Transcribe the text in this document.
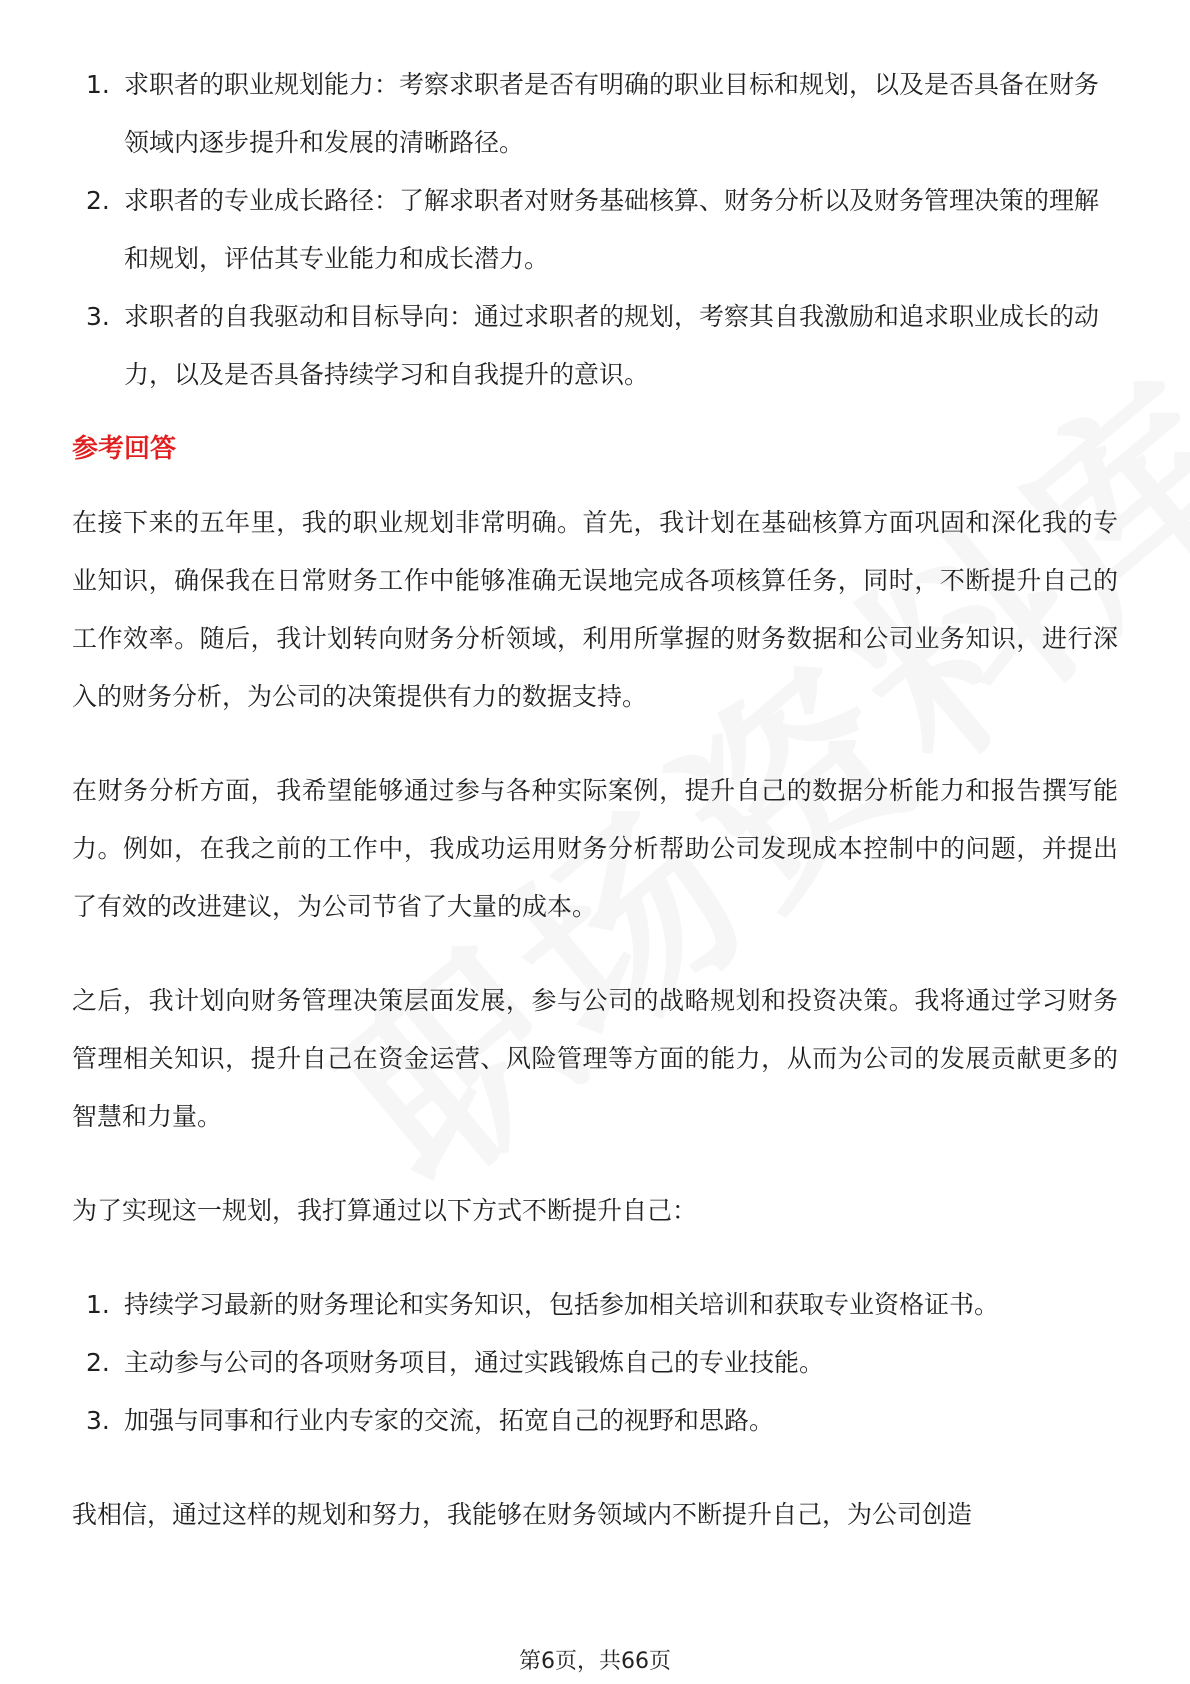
1. 求职者的职业规划能力：考察求职者是否有明确的职业目标和规划，以及是否具备在财务领域内逐步提升和发展的清晰路径。
2. 求职者的专业成长路径：了解求职者对财务基础核算、财务分析以及财务管理决策的理解和规划，评估其专业能力和成长潜力。
3. 求职者的自我驱动和目标导向：通过求职者的规划，考察其自我激励和追求职业成长的动力，以及是否具备持续学习和自我提升的意识。
参考回答

在接下来的五年里，我的职业规划非常明确。首先，我计划在基础核算方面巩固和深化我的专业知识，确保我在日常财务工作中能够准确无误地完成各项核算任务，同时，不断提升自己的工作效率。随后，我计划转向财务分析领域，利用所掌握的财务数据和公司业务知识，进行深入的财务分析，为公司的决策提供有力的数据支持。

在财务分析方面，我希望能够通过参与各种实际案例，提升自己的数据分析能力和报告撰写能力。例如，在我之前的工作中，我成功运用财务分析帮助公司发现成本控制中的问题，并提出了有效的改进建议，为公司节省了大量的成本。

之后，我计划向财务管理决策层面发展，参与公司的战略规划和投资决策。我将通过学习财务管理相关知识，提升自己在资金运营、风险管理等方面的能力，从而为公司的发展贡献更多的智慧和力量。

为了实现这一规划，我打算通过以下方式不断提升自己：

1. 持续学习最新的财务理论和实务知识，包括参加相关培训和获取专业资格证书。
2. 主动参与公司的各项财务项目，通过实践锻炼自己的专业技能。
3. 加强与同事和行业内专家的交流，拓宽自己的视野和思路。

我相信，通过这样的规划和努力，我能够在财务领域内不断提升自己，为公司创造

第6页，共66页
